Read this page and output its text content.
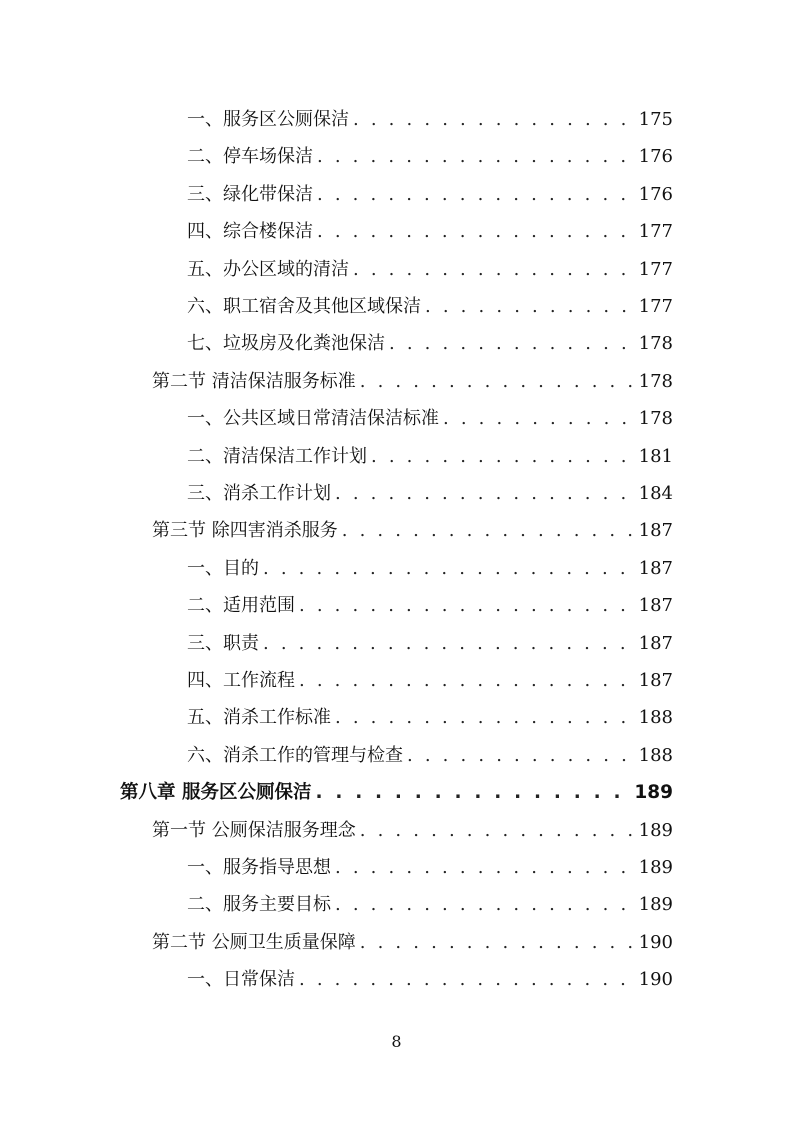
一、服务区公厕保洁 . . .	175
二、停车场保洁 . . .	176
三、绿化带保洁 . . .	176
四、综合楼保洁 . . .	177
五、办公区域的清洁 . . .	177
六、职工宿舍及其他区域保洁 . . .	177
七、垃圾房及化粪池保洁 . . .	178
第二节 清洁保洁服务标准 . . .	178
一、公共区域日常清洁保洁标准 . . .	178
二、清洁保洁工作计划 . . .	181
三、消杀工作计划 . . .	184
第三节 除四害消杀服务 . . .	187
一、目的 . . .	187
二、适用范围 . . .	187
三、职责 . . .	187
四、工作流程 . . .	187
五、消杀工作标准 . . .	188
六、消杀工作的管理与检查 . . .	188
第八章 服务区公厕保洁 . . .	189
第一节 公厕保洁服务理念 . . .	189
一、服务指导思想 . . .	189
二、服务主要目标 . . .	189
第二节 公厕卫生质量保障 . . .	190
一、日常保洁 . . .	190
8
